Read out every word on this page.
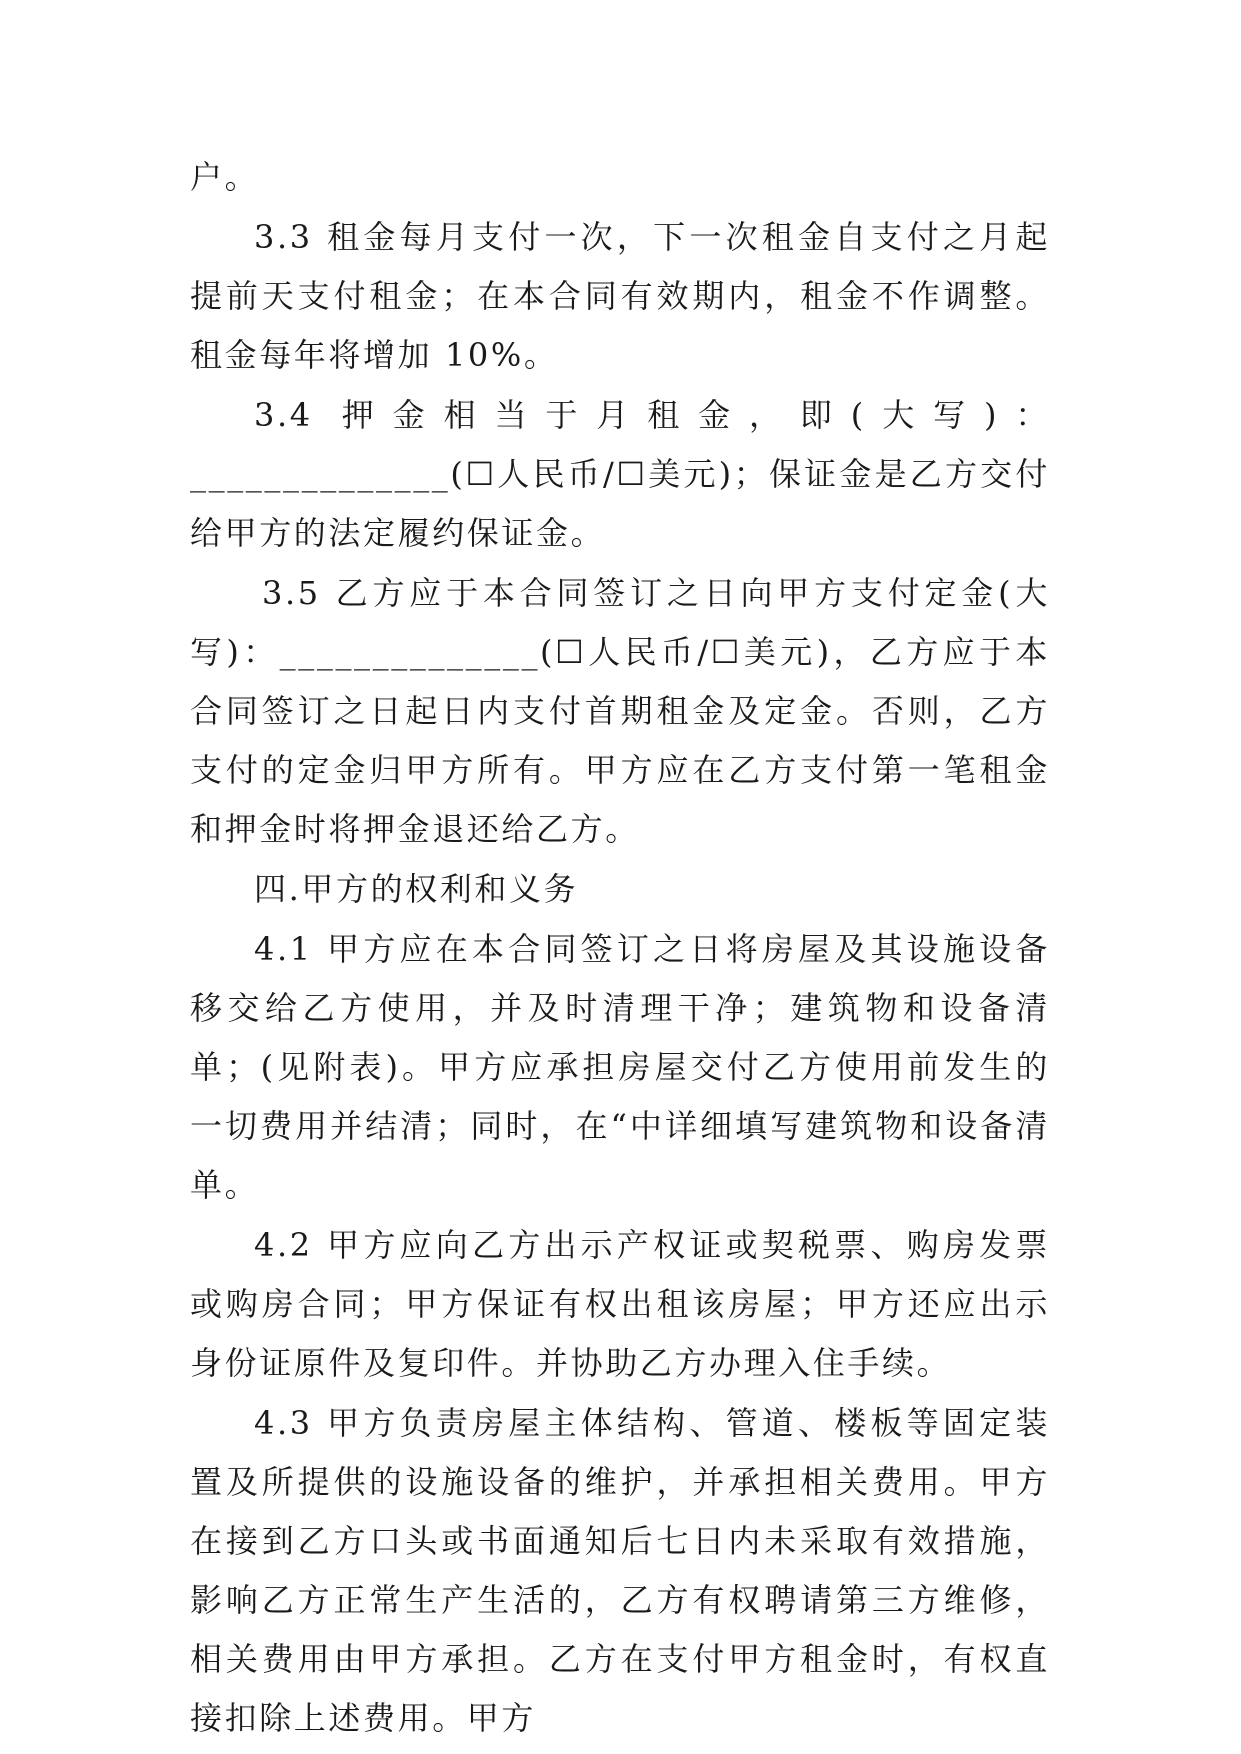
户。

3.3 租金每月支付一次，下一次租金自支付之月起提前天支付租金；在本合同有效期内，租金不作调整。租金每年将增加 10%。

3.4 押金相当于月租金，即(大写)：______________(☐人民币/☐美元)；保证金是乙方交付给甲方的法定履约保证金。

3.5 乙方应于本合同签订之日向甲方支付定金(大写)：______________(☐人民币/☐美元)，乙方应于本合同签订之日起日内支付首期租金及定金。否则，乙方支付的定金归甲方所有。甲方应在乙方支付第一笔租金和押金时将押金退还给乙方。

四.甲方的权利和义务

4.1 甲方应在本合同签订之日将房屋及其设施设备移交给乙方使用，并及时清理干净；建筑物和设备清单；(见附表)。甲方应承担房屋交付乙方使用前发生的一切费用并结清；同时，在“中详细填写建筑物和设备清单。

4.2 甲方应向乙方出示产权证或契税票、购房发票或购房合同；甲方保证有权出租该房屋；甲方还应出示身份证原件及复印件。并协助乙方办理入住手续。

4.3 甲方负责房屋主体结构、管道、楼板等固定装置及所提供的设施设备的维护，并承担相关费用。甲方在接到乙方口头或书面通知后七日内未采取有效措施，影响乙方正常生产生活的，乙方有权聘请第三方维修，相关费用由甲方承担。乙方在支付甲方租金时，有权直接扣除上述费用。甲方
